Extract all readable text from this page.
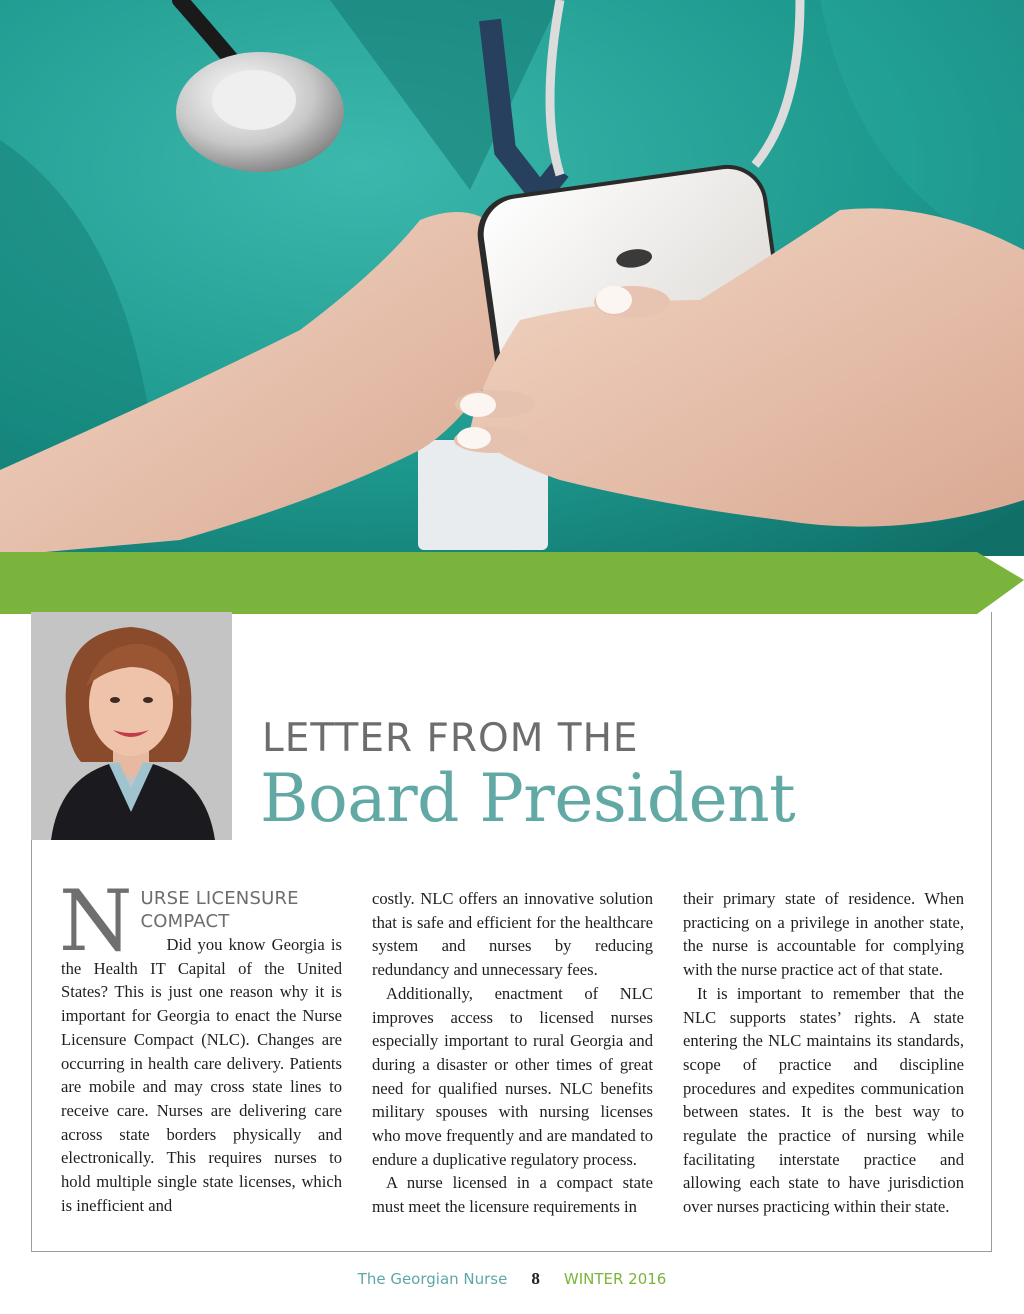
LETTER FROM THE
Board President
N URSE LICENSURE
COMPACT

Did you know Georgia is the Health IT Capital of the United States? This is just one reason why it is important for Georgia to enact the Nurse Licensure Compact (NLC). Changes are occurring in health care delivery. Patients are mobile and may cross state lines to receive care. Nurses are delivering care across state borders physically and electronically. This requires nurses to hold multiple single state licenses, which is inefficient and

costly. NLC offers an innovative solution that is safe and efficient for the healthcare system and nurses by reducing redundancy and unnecessary fees.

Additionally, enactment of NLC improves access to licensed nurses especially important to rural Georgia and during a disaster or other times of great need for qualified nurses. NLC benefits military spouses with nursing licenses who move frequently and are mandated to endure a duplicative regulatory process.

A nurse licensed in a compact state must meet the licensure requirements in

their primary state of residence. When practicing on a privilege in another state, the nurse is accountable for complying with the nurse practice act of that state.

It is important to remember that the NLC supports states’ rights. A state entering the NLC maintains its standards, scope of practice and discipline procedures and expedites communication between states. It is the best way to regulate the practice of nursing while facilitating interstate practice and allowing each state to have jurisdiction over nurses practicing within their state.

The Georgian Nurse 8 WINTER 2016
